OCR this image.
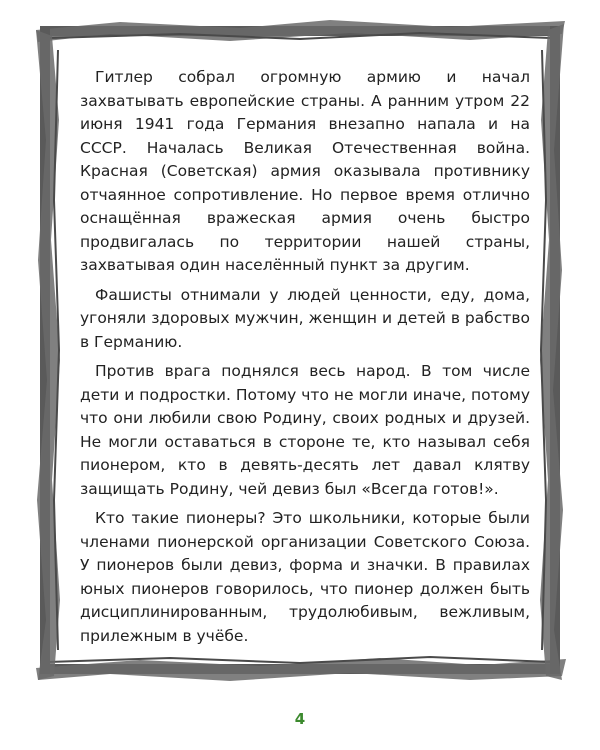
Гитлер собрал огромную армию и начал захватывать европейские страны. А ранним утром 22 июня 1941 года Германия внезапно напала и на СССР. Началась Великая Отечественная война. Красная (Советская) армия оказывала противнику отчаянное сопротивление. Но первое время отлично оснащённая вражеская армия очень быстро продвигалась по территории нашей страны, захватывая один населённый пункт за другим.

Фашисты отнимали у людей ценности, еду, дома, угоняли здоровых мужчин, женщин и детей в рабство в Германию.

Против врага поднялся весь народ. В том числе дети и подростки. Потому что не могли иначе, потому что они любили свою Родину, своих родных и друзей. Не могли оставаться в стороне те, кто называл себя пионером, кто в девять-десять лет давал клятву защищать Родину, чей девиз был «Всегда готов!».

Кто такие пионеры? Это школьники, которые были членами пионерской организации Советского Союза. У пионеров были девиз, форма и значки. В правилах юных пионеров говорилось, что пионер должен быть дисциплинированным, трудолюбивым, вежливым, прилежным в учёбе.

4
